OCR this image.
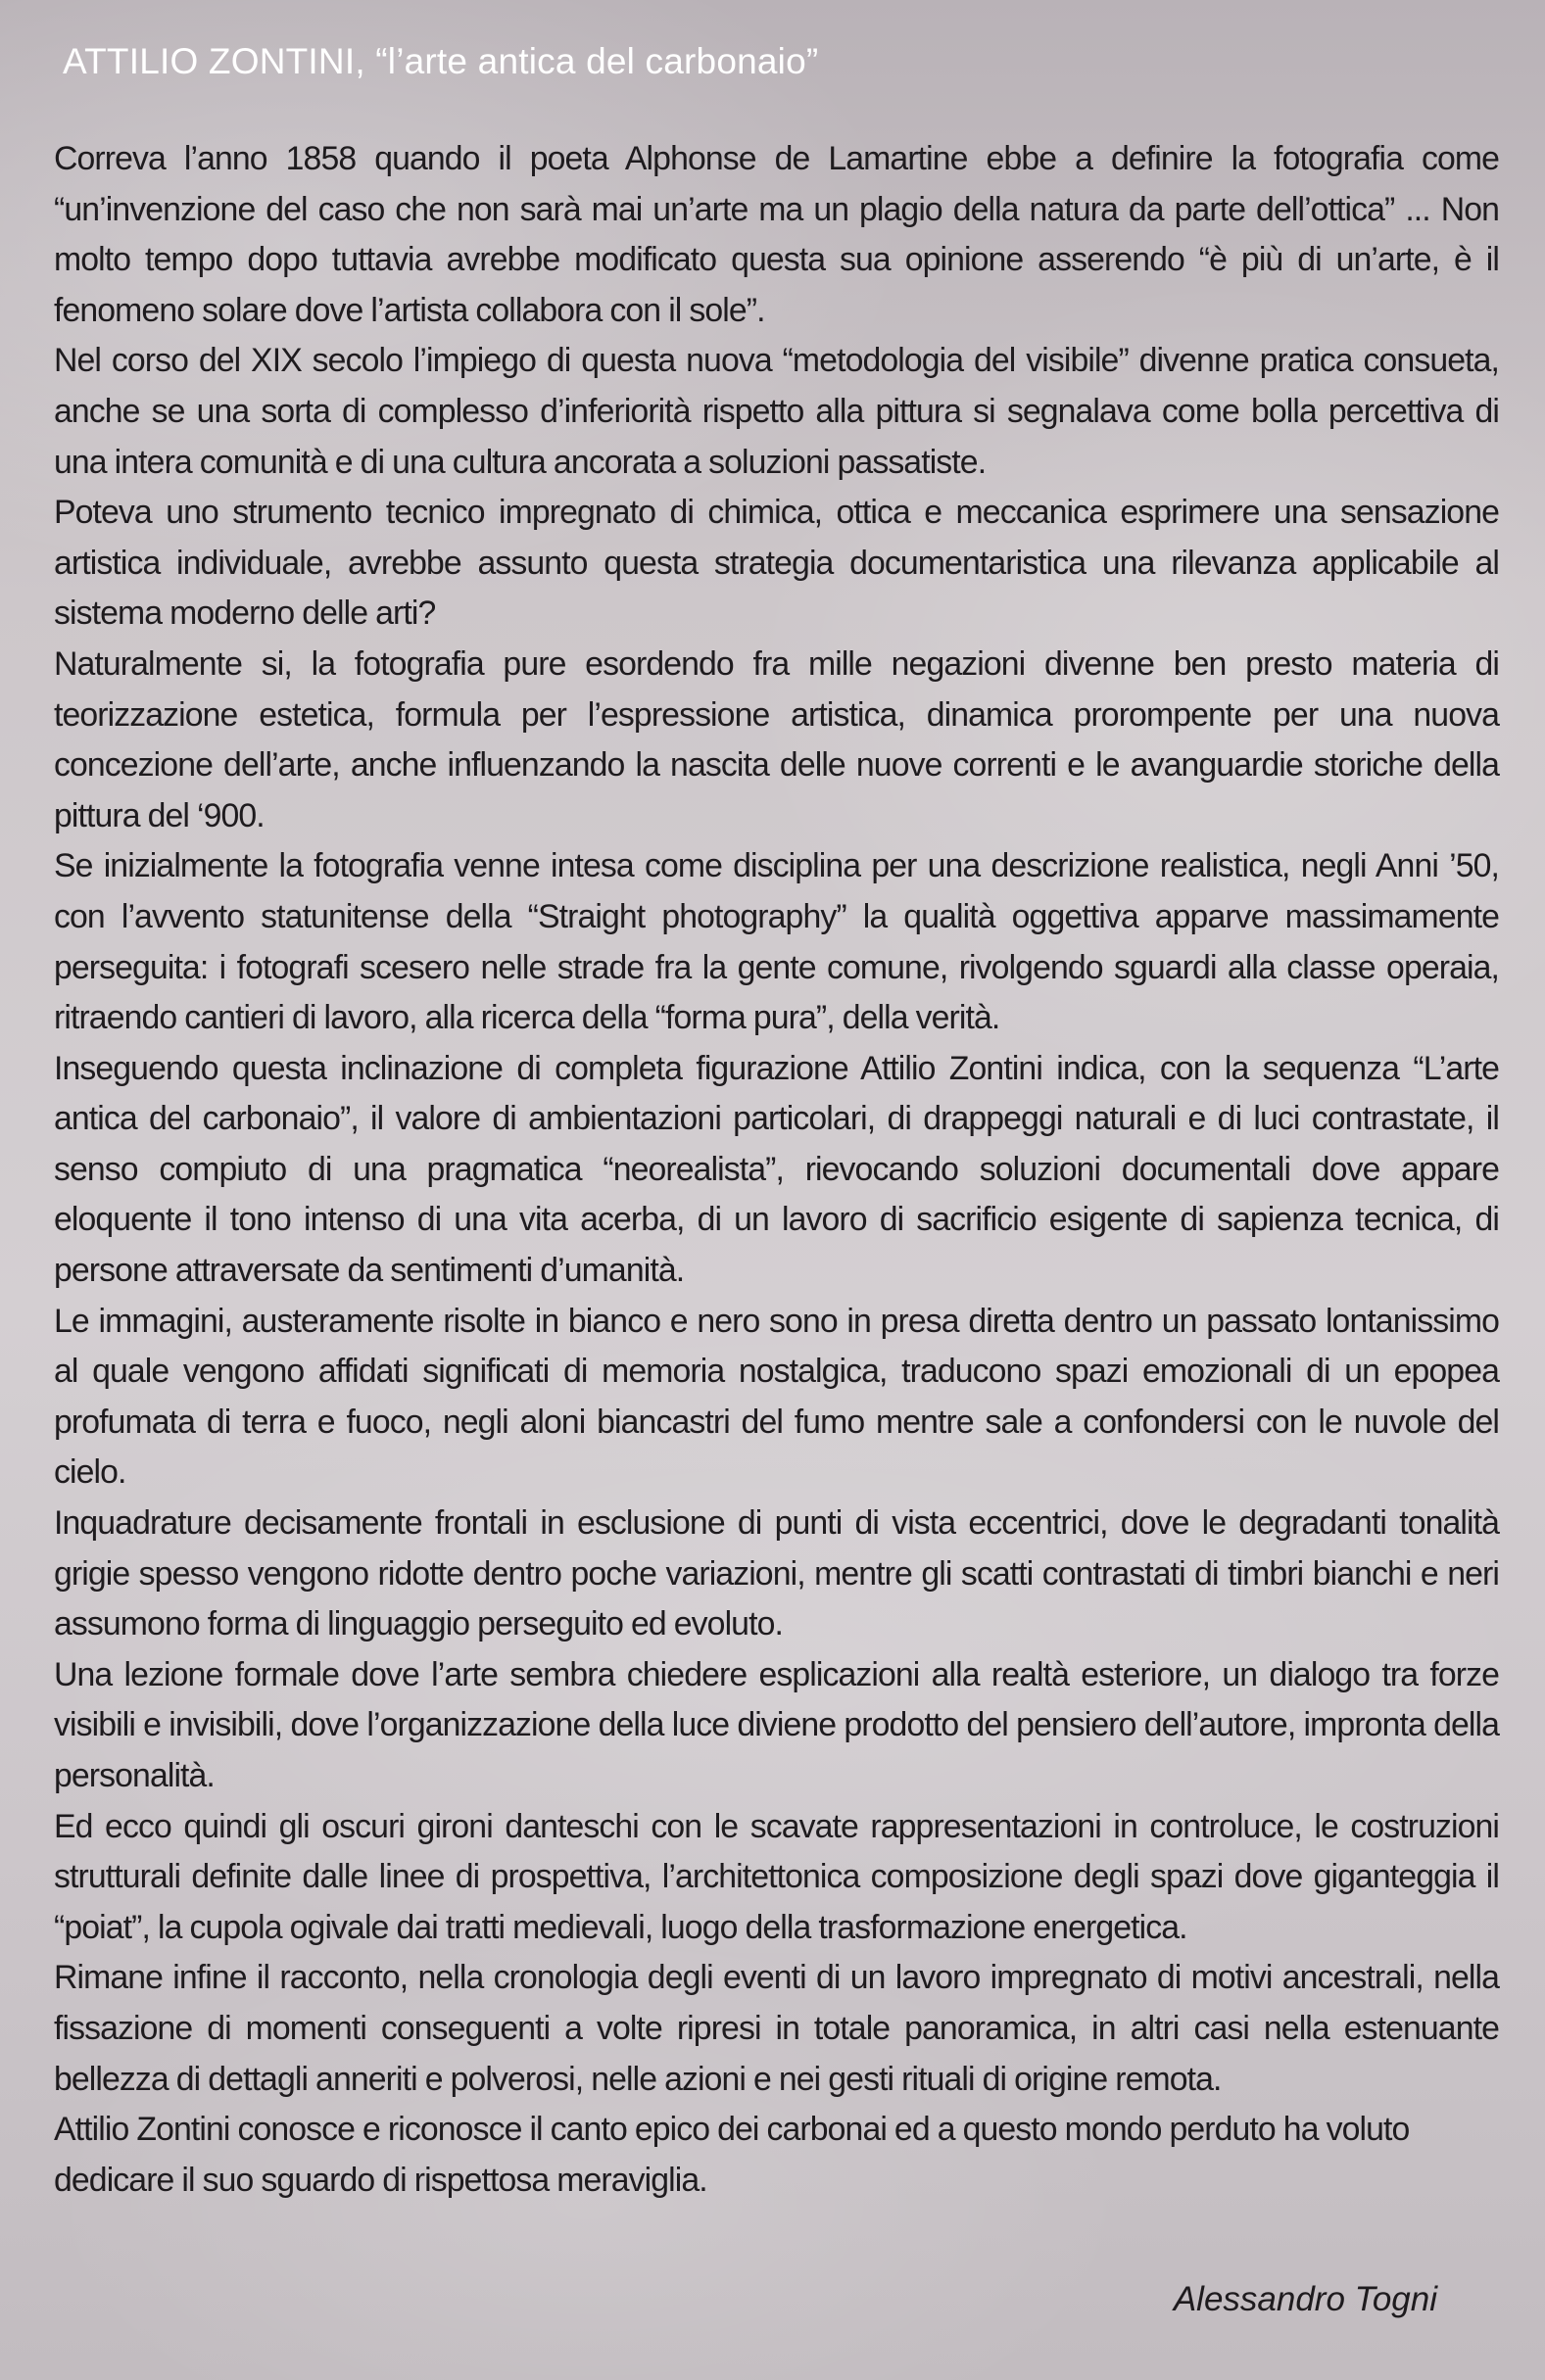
ATTILIO ZONTINI, “l’arte antica del carbonaio”

Correva l’anno 1858 quando il poeta Alphonse de Lamartine ebbe a definire la fotografia come “un’invenzione del caso che non sarà mai un’arte ma un plagio della natura da parte dell’ottica” ... Non molto tempo dopo tuttavia avrebbe modificato questa sua opinione asserendo “è più di un’arte, è il fenomeno solare dove l’artista collabora con il sole”.

Nel corso del XIX secolo l’impiego di questa nuova “metodologia del visibile” divenne pratica consueta, anche se una sorta di complesso d’inferiorità rispetto alla pittura si segnalava come bolla percettiva di una intera comunità e di una cultura ancorata a soluzioni passatiste.

Poteva uno strumento tecnico impregnato di chimica, ottica e meccanica esprimere una sensazione artistica individuale, avrebbe assunto questa strategia documentaristica una rilevanza applicabile al sistema moderno delle arti?

Naturalmente si, la fotografia pure esordendo fra mille negazioni divenne ben presto materia di teorizzazione estetica, formula per l’espressione artistica, dinamica prorompente per una nuova concezione dell’arte, anche influenzando la nascita delle nuove correnti e le avanguardie storiche della pittura del ‘900.

Se inizialmente la fotografia venne intesa come disciplina per una descrizione realistica, negli Anni ’50, con l’avvento statunitense della “Straight photography” la qualità oggettiva apparve massimamente perseguita: i fotografi scesero nelle strade fra la gente comune, rivolgendo sguardi alla classe operaia, ritraendo cantieri di lavoro, alla ricerca della “forma pura”, della verità.

Inseguendo questa inclinazione di completa figurazione Attilio Zontini indica, con la sequenza “L’arte antica del carbonaio”, il valore di ambientazioni particolari, di drappeggi naturali e di luci contrastate, il senso compiuto di una pragmatica “neorealista”, rievocando soluzioni documentali dove appare eloquente il tono intenso di una vita acerba, di un lavoro di sacrificio esigente di sapienza tecnica, di persone attraversate da sentimenti d’umanità.

Le immagini, austeramente risolte in bianco e nero sono in presa diretta dentro un passato lontanissimo al quale vengono affidati significati di memoria nostalgica, traducono spazi emozionali di un epopea profumata di terra e fuoco, negli aloni biancastri del fumo mentre sale a confondersi con le nuvole del cielo.

Inquadrature decisamente frontali in esclusione di punti di vista eccentrici, dove le degradanti tonalità grigie spesso vengono ridotte dentro poche variazioni, mentre gli scatti contrastati di timbri bianchi e neri assumono forma di linguaggio perseguito ed evoluto.

Una lezione formale dove l’arte sembra chiedere esplicazioni alla realtà esteriore, un dialogo tra forze visibili e invisibili, dove l’organizzazione della luce diviene prodotto del pensiero dell’autore, impronta della personalità.

Ed ecco quindi gli oscuri gironi danteschi con le scavate rappresentazioni in controluce, le costruzioni strutturali definite dalle linee di prospettiva, l’architettonica composizione degli spazi dove giganteggia il “poiat”, la cupola ogivale dai tratti medievali, luogo della trasformazione energetica.

Rimane infine il racconto, nella cronologia degli eventi di un lavoro impregnato di motivi ancestrali, nella fissazione di momenti conseguenti a volte ripresi in totale panoramica, in altri casi nella estenuante bellezza di dettagli anneriti e polverosi, nelle azioni e nei gesti rituali di origine remota.

Attilio Zontini conosce e riconosce il canto epico dei carbonai ed a questo mondo perduto ha voluto dedicare il suo sguardo di rispettosa meraviglia.

Alessandro Togni
